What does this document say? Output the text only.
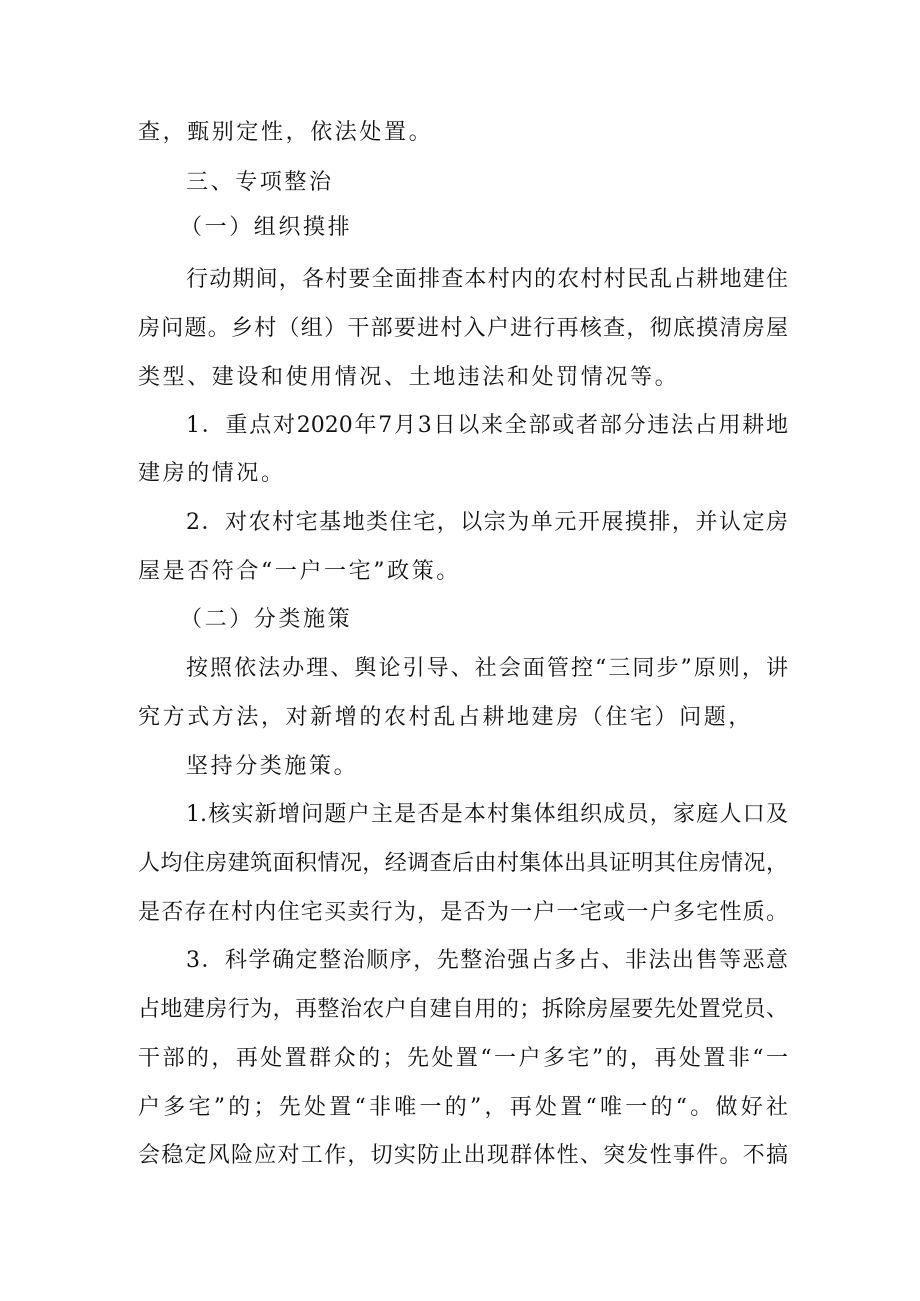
查，甄别定性，依法处置。

三、专项整治

（一）组织摸排

行动期间，各村要全面排查本村内的农村村民乱占耕地建住

房问题。乡村（组）干部要进村入户进行再核查，彻底摸清房屋

类型、建设和使用情况、土地违法和处罚情况等。

1．重点对2020年7月3日以来全部或者部分违法占用耕地

建房的情况。

2．对农村宅基地类住宅，以宗为单元开展摸排，并认定房

屋是否符合“一户一宅”政策。

（二）分类施策

按照依法办理、舆论引导、社会面管控“三同步”原则，讲

究方式方法，对新增的农村乱占耕地建房（住宅）问题，

坚持分类施策。

1.核实新增问题户主是否是本村集体组织成员，家庭人口及

人均住房建筑面积情况，经调查后由村集体出具证明其住房情况，

是否存在村内住宅买卖行为，是否为一户一宅或一户多宅性质。

3．科学确定整治顺序，先整治强占多占、非法出售等恶意

占地建房行为，再整治农户自建自用的；拆除房屋要先处置党员、

干部的，再处置群众的；先处置“一户多宅”的，再处置非“一

户多宅”的；先处置“非唯一的”，再处置“唯一的“。做好社

会稳定风险应对工作，切实防止出现群体性、突发性事件。不搞
